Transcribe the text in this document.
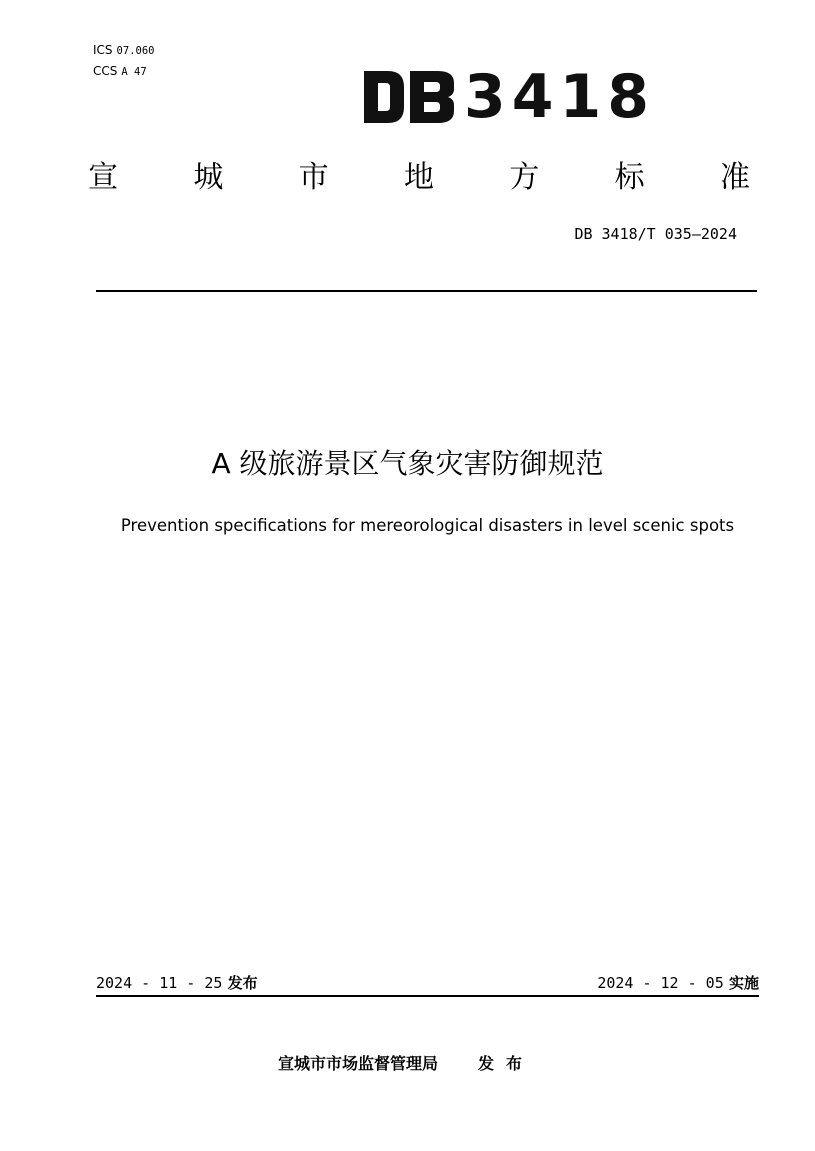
ICS 07.060
CCS A 47	3418
宣	城	市	地	方	标	准
DB 3418/T 035—2024
A 级旅游景区气象灾害防御规范
Prevention specifications for mereorological disasters in level scenic spots
2024 - 11 - 25 发布	2024 - 12 - 05 实施
宣城市市场监督管理局	发布
